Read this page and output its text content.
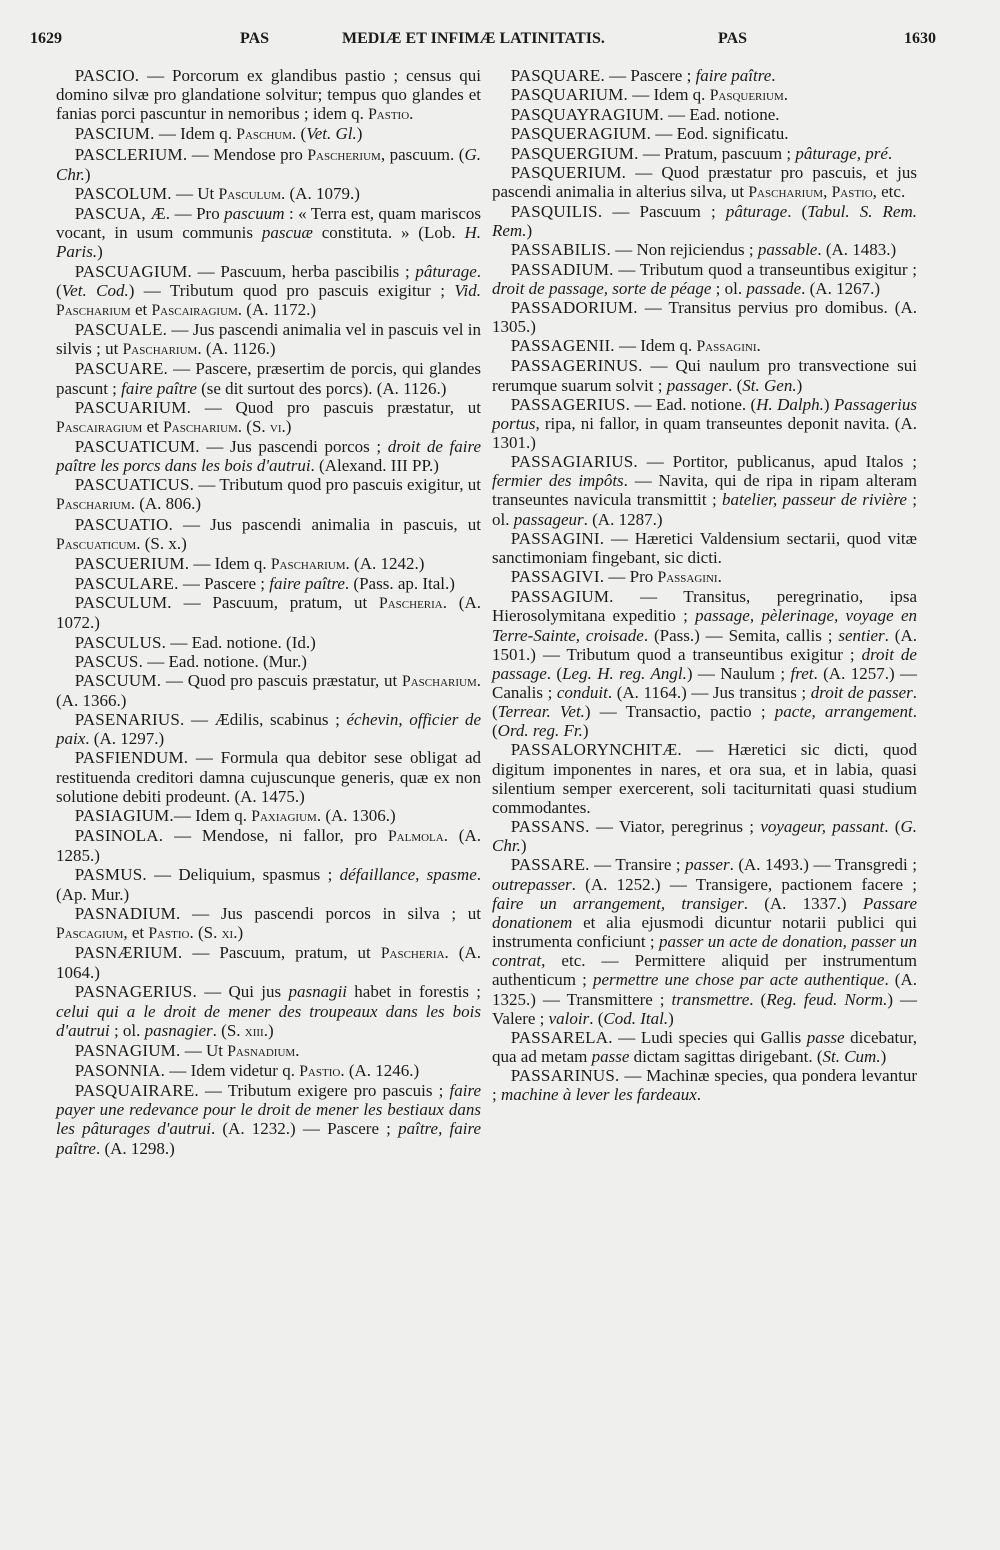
1629	PAS	MEDIÆ ET INFIMÆ LATINITATIS.	PAS	1630

PASCIO. — Porcorum ex glandibus pastio ; census qui domino silvæ pro glandatione solvitur; tempus quo glandes et fanias porci pascuntur in nemoribus ; idem q. Pastio.

PASCIUM. — Idem q. Paschum. (Vet. Gl.)

PASCLERIUM. — Mendose pro Pascherium, pascuum. (G. Chr.)

PASCOLUM. — Ut Pasculum. (A. 1079.)

PASCUA, Æ. — Pro pascuum : « Terra est, quam mariscos vocant, in usum communis pascuæ constituta. » (Lob. H. Paris.)

PASCUAGIUM. — Pascuum, herba pascibilis ; pâturage. (Vet. Cod.) — Tributum quod pro pascuis exigitur ; Vid. Pascharium et Pascairagium. (A. 1172.)

PASCUALE. — Jus pascendi animalia vel in pascuis vel in silvis ; ut Pascharium. (A. 1126.)

PASCUARE. — Pascere, præsertim de porcis, qui glandes pascunt ; faire paître (se dit surtout des porcs). (A. 1126.)

PASCUARIUM. — Quod pro pascuis præstatur, ut Pascairagium et Pascharium. (S. vi.)

PASCUATICUM. — Jus pascendi porcos ; droit de faire paître les porcs dans les bois d'autrui. (Alexand. III PP.)

PASCUATICUS. — Tributum quod pro pascuis exigitur, ut Pascharium. (A. 806.)

PASCUATIO. — Jus pascendi animalia in pascuis, ut Pascuaticum. (S. x.)

PASCUERIUM. — Idem q. Pascharium. (A. 1242.)

PASCULARE. — Pascere ; faire paître. (Pass. ap. Ital.)

PASCULUM. — Pascuum, pratum, ut Pascheria. (A. 1072.)

PASCULUS. — Ead. notione. (Id.)

PASCUS. — Ead. notione. (Mur.)

PASCUUM. — Quod pro pascuis præstatur, ut Pascharium. (A. 1366.)

PASENARIUS. — Ædilis, scabinus ; échevin, officier de paix. (A. 1297.)

PASFIENDUM. — Formula qua debitor sese obligat ad restituenda creditori damna cujuscunque generis, quæ ex non solutione debiti prodeunt. (A. 1475.)

PASIAGIUM.— Idem q. Paxiagium. (A. 1306.)

PASINOLA. — Mendose, ni fallor, pro Palmola. (A. 1285.)

PASMUS. — Deliquium, spasmus ; défaillance, spasme. (Ap. Mur.)

PASNADIUM. — Jus pascendi porcos in silva ; ut Pascagium, et Pastio. (S. xi.)

PASNÆRIUM. — Pascuum, pratum, ut Pascheria. (A. 1064.)

PASNAGERIUS. — Qui jus pasnagii habet in forestis ; celui qui a le droit de mener des troupeaux dans les bois d'autrui ; ol. pasnagier. (S. xiii.)

PASNAGIUM. — Ut Pasnadium.

PASONNIA. — Idem videtur q. Pastio. (A. 1246.)

PASQUAIRARE. — Tributum exigere pro pascuis ; faire payer une redevance pour le droit de mener les bestiaux dans les pâturages d'autrui. (A. 1232.) — Pascere ; paître, faire paître. (A. 1298.)

PASQUARE. — Pascere ; faire paître.

PASQUARIUM. — Idem q. Pasquerium.

PASQUAYRAGIUM. — Ead. notione.

PASQUERAGIUM. — Eod. significatu.

PASQUERGIUM. — Pratum, pascuum ; pâturage, pré.

PASQUERIUM. — Quod præstatur pro pascuis, et jus pascendi animalia in alterius silva, ut Pascharium, Pastio, etc.

PASQUILIS. — Pascuum ; pâturage. (Tabul. S. Rem. Rem.)

PASSABILIS. — Non rejiciendus ; passable. (A. 1483.)

PASSADIUM. — Tributum quod a transeuntibus exigitur ; droit de passage, sorte de péage ; ol. passade. (A. 1267.)

PASSADORIUM. — Transitus pervius pro domibus. (A. 1305.)

PASSAGENII. — Idem q. Passagini.

PASSAGERINUS. — Qui naulum pro transvectione sui rerumque suarum solvit ; passager. (St. Gen.)

PASSAGERIUS. — Ead. notione. (H. Dalph.) Passagerius portus, ripa, ni fallor, in quam transeuntes deponit navita. (A. 1301.)

PASSAGIARIUS. — Portitor, publicanus, apud Italos ; fermier des impôts. — Navita, qui de ripa in ripam alteram transeuntes navicula transmittit ; batelier, passeur de rivière ; ol. passageur. (A. 1287.)

PASSAGINI. — Hæretici Valdensium sectarii, quod vitæ sanctimoniam fingebant, sic dicti.

PASSAGIVI. — Pro Passagini.

PASSAGIUM. — Transitus, peregrinatio, ipsa Hierosolymitana expeditio ; passage, pèlerinage, voyage en Terre-Sainte, croisade. (Pass.) — Semita, callis ; sentier. (A. 1501.) — Tributum quod a transeuntibus exigitur ; droit de passage. (Leg. H. reg. Angl.) — Naulum ; fret. (A. 1257.) — Canalis ; conduit. (A. 1164.) — Jus transitus ; droit de passer. (Terrear. Vet.) — Transactio, pactio ; pacte, arrangement. (Ord. reg. Fr.)

PASSALORYNCHITÆ. — Hæretici sic dicti, quod digitum imponentes in nares, et ora sua, et in labia, quasi silentium semper exercerent, soli taciturnitati quasi studium commodantes.

PASSANS. — Viator, peregrinus ; voyageur, passant. (G. Chr.)

PASSARE. — Transire ; passer. (A. 1493.) — Transgredi ; outrepasser. (A. 1252.) — Transigere, pactionem facere ; faire un arrangement, transiger. (A. 1337.) Passare donationem et alia ejusmodi dicuntur notarii publici qui instrumenta conficiunt ; passer un acte de donation, passer un contrat, etc. — Permittere aliquid per instrumentum authenticum ; permettre une chose par acte authentique. (A. 1325.) — Transmittere ; transmettre. (Reg. feud. Norm.) — Valere ; valoir. (Cod. Ital.)

PASSARELA. — Ludi species qui Gallis passe dicebatur, qua ad metam passe dictam sagittas dirigebant. (St. Cum.)

PASSARINUS. — Machinæ species, qua pondera levantur ; machine à lever les fardeaux.
